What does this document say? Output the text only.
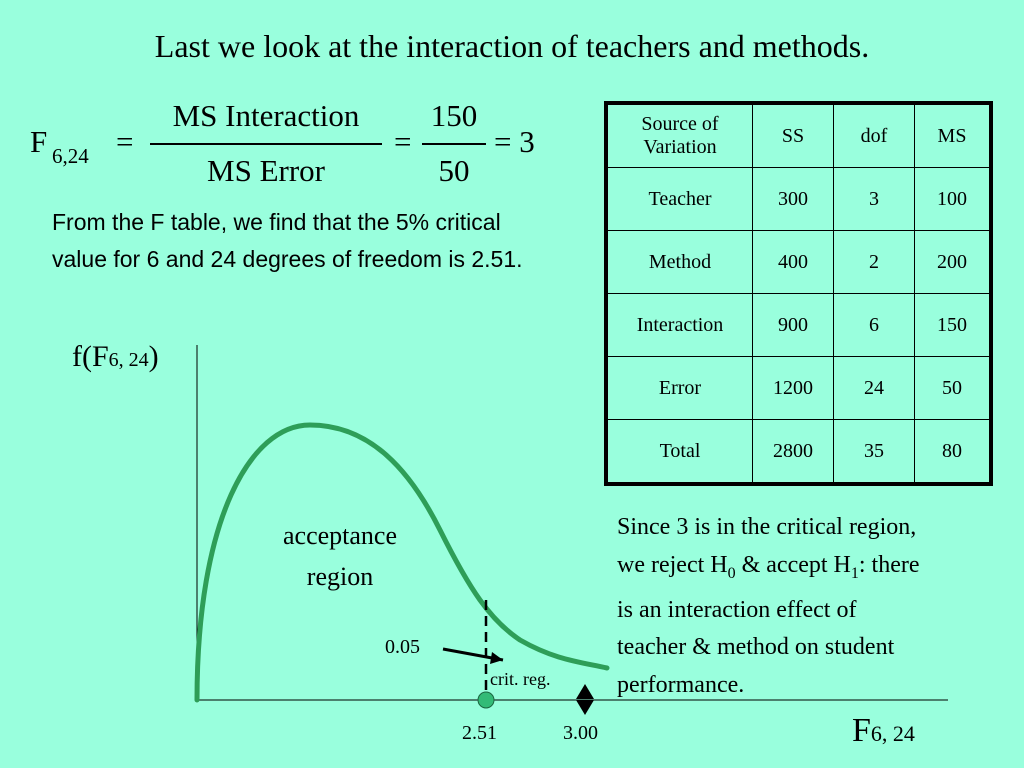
Last we look at the interaction of teachers and methods.
F 6,24 =
MS Interaction
MS Error
=
150
50
= 3
From the F table, we find that the 5% critical value for 6 and 24 degrees of freedom is 2.51.
Source of Variation	SS	dof	MS
Teacher	300	3	100
Method	400	2	200
Interaction	900	6	150
Error	1200	24	50
Total	2800	35	80
Since 3 is in the critical region,
we reject $H_0$ & accept $H_1$: there
is an interaction effect of
teacher & method on student
performance.
f(F6, 24)
acceptance
region
0.05
crit. reg.
2.51	3.00	F6, 24
